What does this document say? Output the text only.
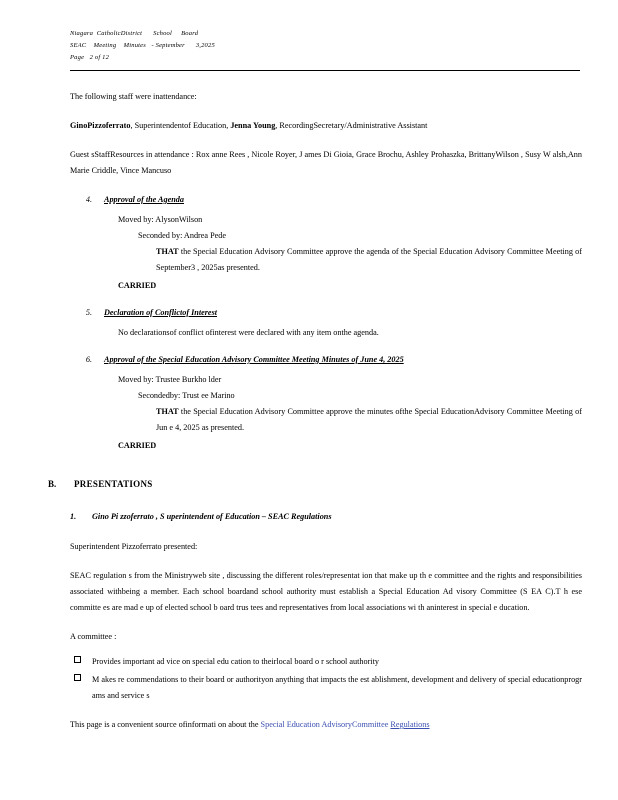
Niagara  CatholicDistrict      School     Board
SEAC    Meeting    Minutes   - September      3,2025
Page   2 of 12

The following staff were inattendance:

GinoPizzoferrato, Superintendentof Education, Jenna Young, RecordingSecretary/Administrative Assistant

Guest sStaffResources in attendance : Rox anne Rees , Nicole Royer, J ames Di Gioia, Grace Brochu, Ashley Prohaszka, BrittanyWilson , Susy W alsh,Ann Marie Criddle, Vince Mancuso

4. Approval of the Agenda
Moved by: AlysonWilson
Seconded by: Andrea Pede
THAT the Special Education Advisory Committee approve the agenda of the Special Education Advisory Committee Meeting of September3 , 2025as presented.
CARRIED
5. Declaration of Conflictof Interest
No declarationsof conflict ofinterest were declared with any item onthe agenda.
6. Approval of the Special Education Advisory Committee Meeting Minutes of June 4, 2025
Moved by: Trustee Burkho lder
Secondedby: Trust ee Marino
THAT the Special Education Advisory Committee approve the minutes ofthe Special EducationAdvisory Committee Meeting of Jun e 4, 2025 as presented.
CARRIED
B. PRESENTATIONS
1.	Gino Pi zzoferrato , S uperintendent of Education – SEAC Regulations

Superintendent Pizzoferrato presented:

SEAC regulation s from the Ministryweb site , discussing the different roles/representat ion that make up th e committee and the rights and responsibilities associated withbeing a member. Each school boardand school authority must establish a Special Education Ad visory Committee (S EA C).T h ese committe es are mad e up of elected school b oard trus tees and representatives from local associations wi th aninterest in special e ducation.

A committee :

Provides important ad vice on special edu cation to theirlocal board o r school authority
M akes re commendations to their board or authorityon anything that impacts the est ablishment, development and delivery of special educationprogr ams and service s

This page is a convenient source ofinformati on about the Special Education AdvisoryCommittee Regulations
